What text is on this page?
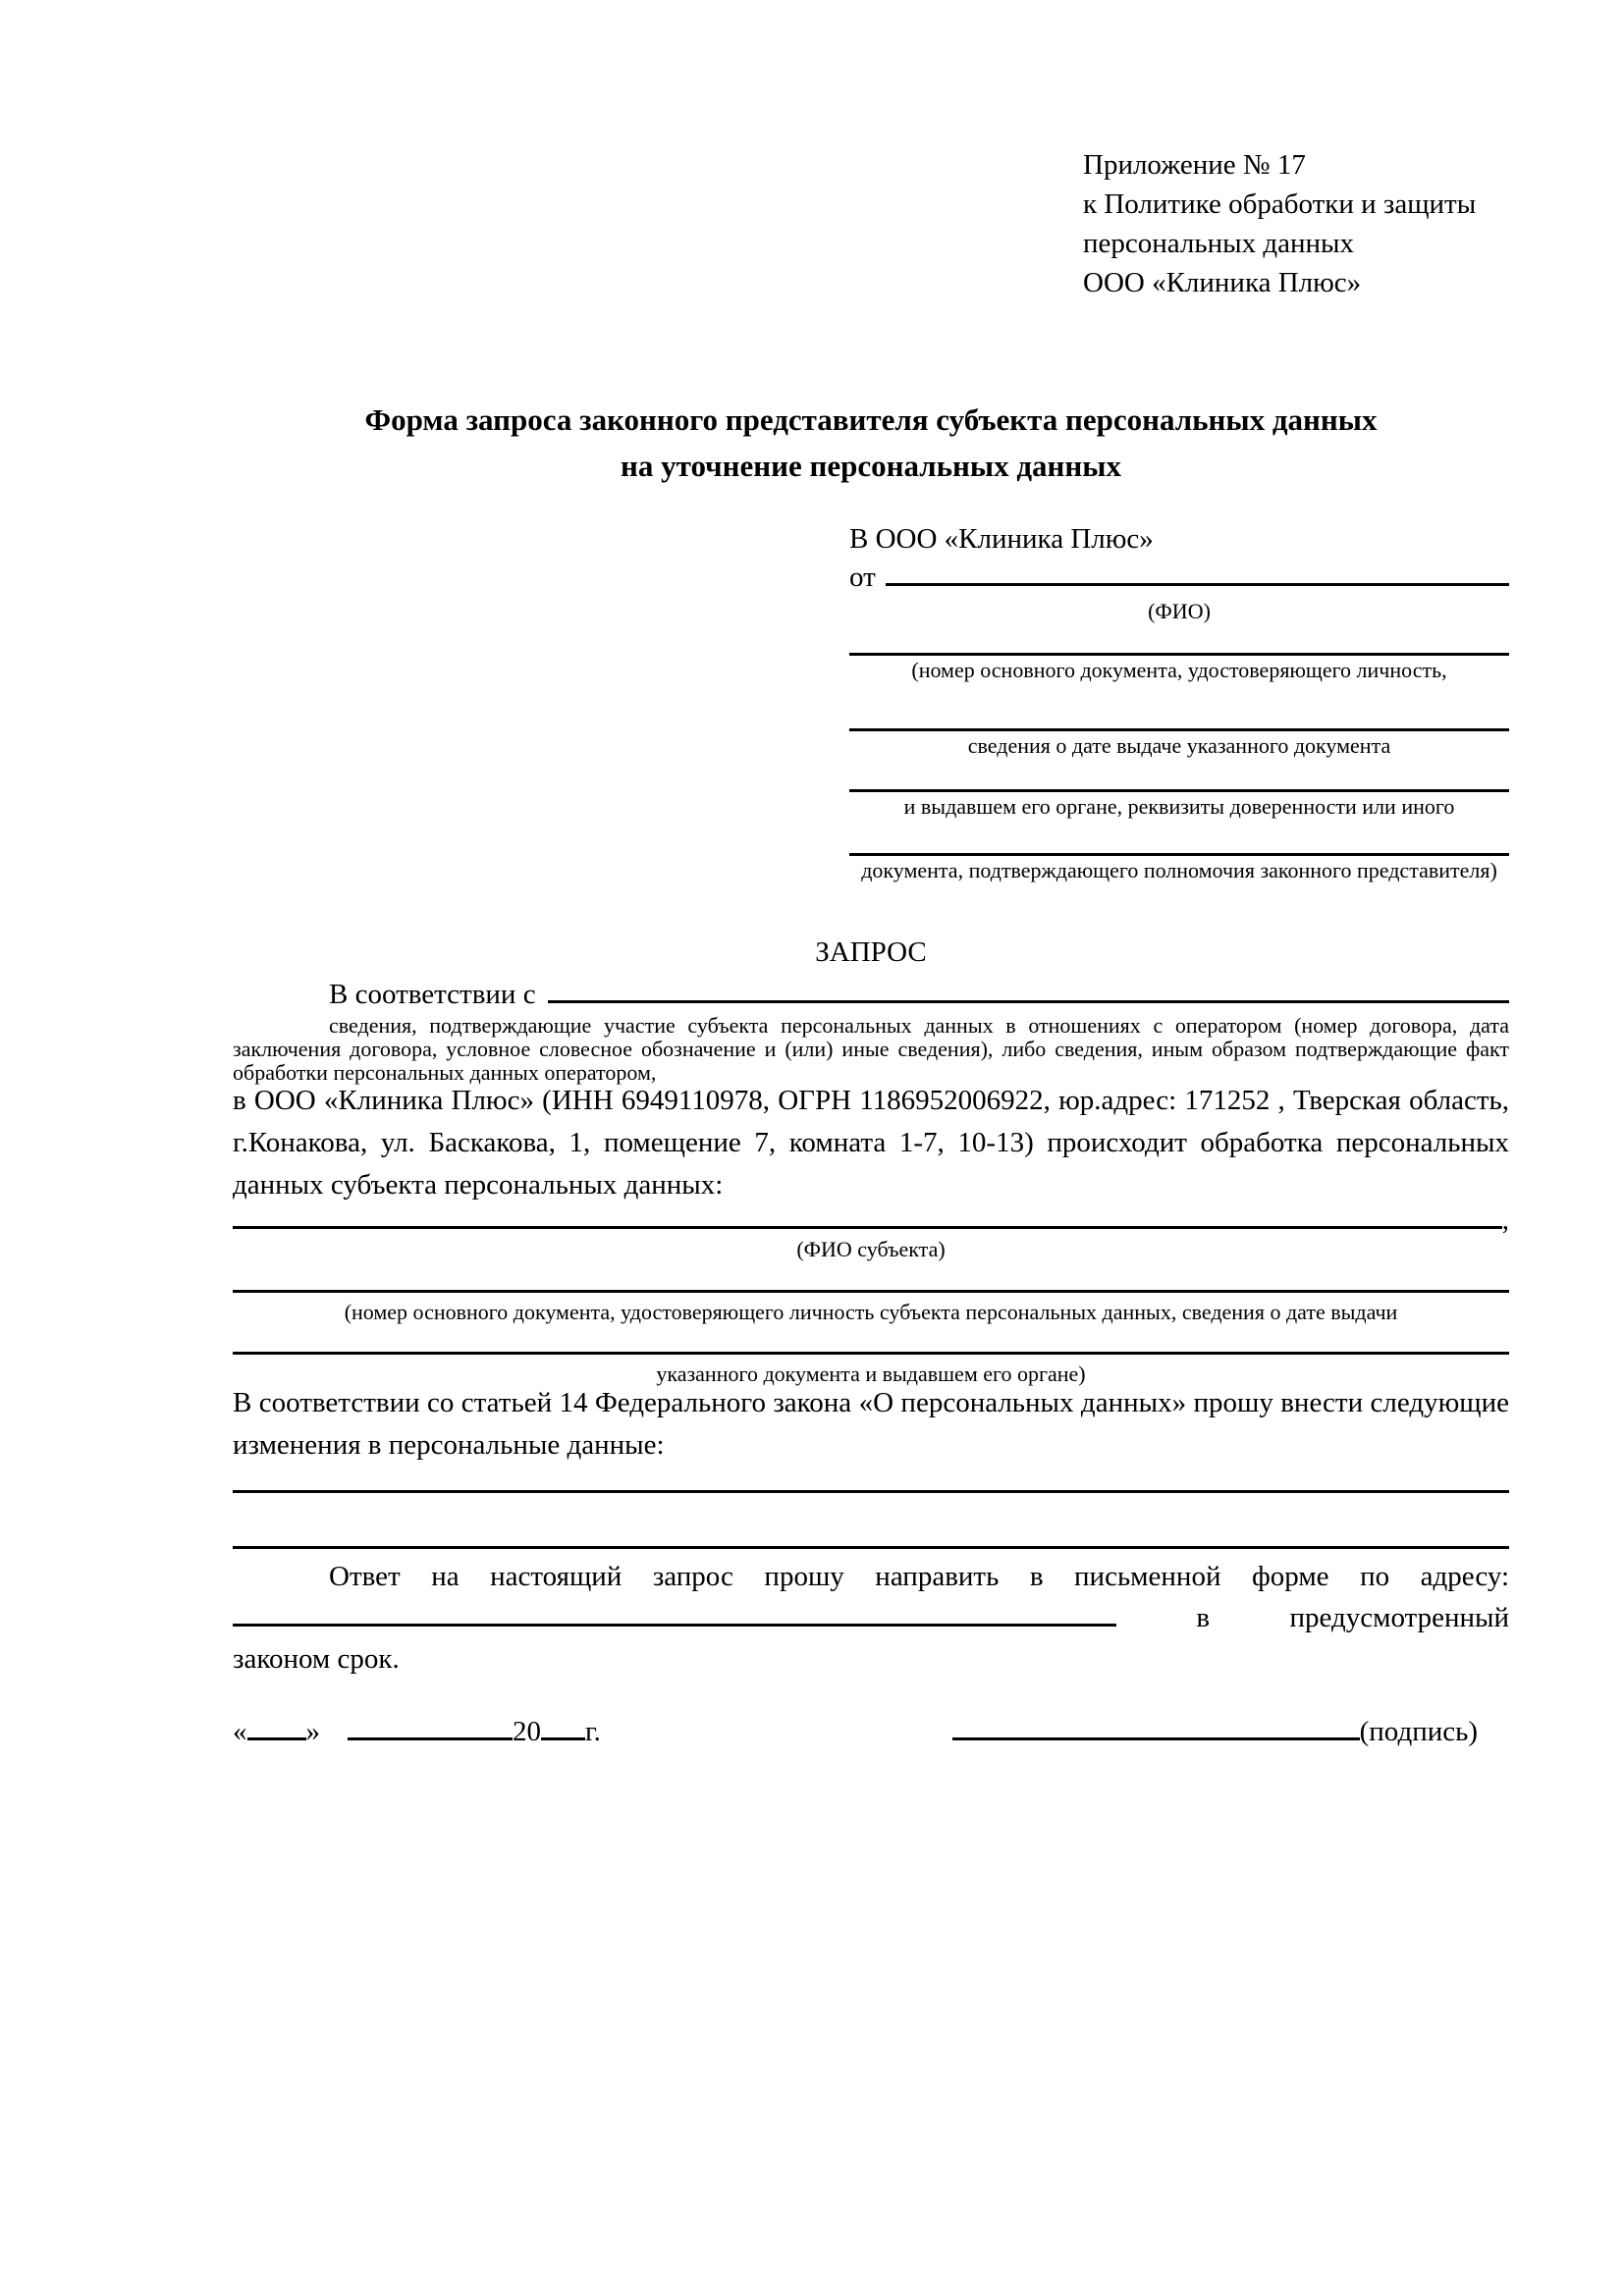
Приложение № 17
к Политике обработки и защиты
персональных данных
ООО «Клиника Плюс»
Форма запроса законного представителя субъекта персональных данных
на уточнение персональных данных
В ООО «Клиника Плюс»
от
(ФИО)
(номер основного документа, удостоверяющего личность,
сведения о дате выдаче указанного документа
и выдавшем его органе, реквизиты доверенности или иного
документа, подтверждающего полномочия законного представителя)
ЗАПРОС
В соответствии с
сведения, подтверждающие участие субъекта персональных данных в отношениях с оператором (номер договора, дата заключения договора, условное словесное обозначение и (или) иные сведения), либо сведения, иным образом подтверждающие факт обработки персональных данных оператором,
в ООО «Клиника Плюс» (ИНН 6949110978, ОГРН 1186952006922, юр.адрес: 171252 , Тверская область, г.Конакова, ул. Баскакова, 1, помещение 7, комната 1-7, 10-13) происходит обработка персональных данных субъекта персональных данных:
,
(ФИО субъекта)
(номер основного документа, удостоверяющего личность субъекта персональных данных, сведения о дате выдачи
указанного документа и выдавшем его органе)
В соответствии со статьей 14 Федерального закона «О персональных данных» прошу внести следующие изменения в персональные данные:
Ответ на настоящий запрос прошу направить в письменной форме по адресу:
в	предусмотренный
законом срок.
« »	20 г.	(подпись)
